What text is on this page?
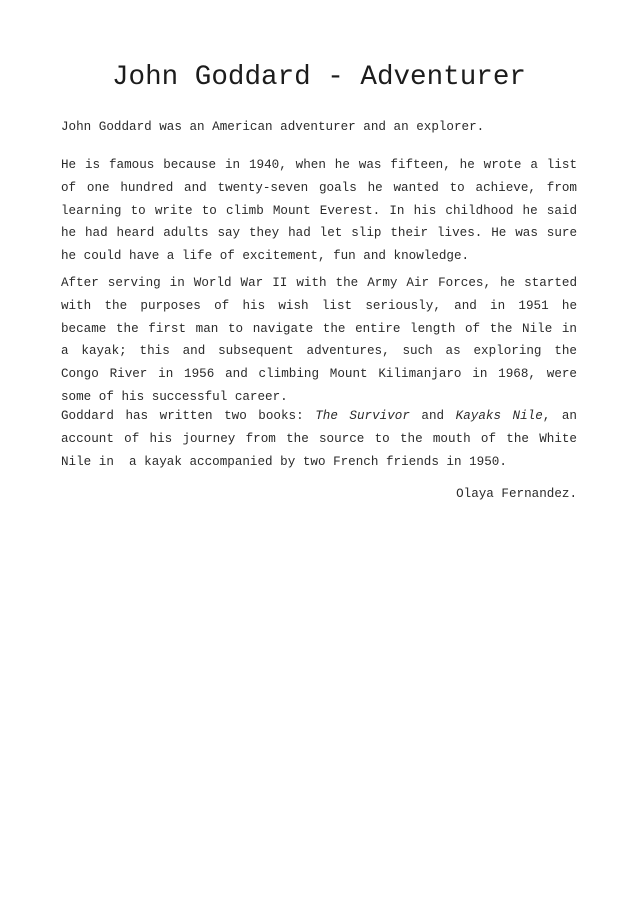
John Goddard - Adventurer

John Goddard was an American adventurer and an explorer.

He is famous because in 1940, when he was fifteen, he wrote a list
of one hundred and twenty-seven goals he wanted to achieve, from
learning to write to climb Mount Everest. In his childhood he said
he had heard adults say they had let slip their lives. He was sure
he could have a life of excitement, fun and knowledge.

After serving in World War II with the Army Air Forces, he started
with the purposes of his wish list seriously, and in 1951 he
became the first man to navigate the entire length of the Nile in
a kayak; this and subsequent adventures, such as exploring the
Congo River in 1956 and climbing Mount Kilimanjaro in 1968, were
some of his successful career.

Goddard has written two books: The Survivor and Kayaks Nile, an
account of his journey from the source to the mouth of the White
Nile in  a kayak accompanied by two French friends in 1950.

Olaya Fernandez.
